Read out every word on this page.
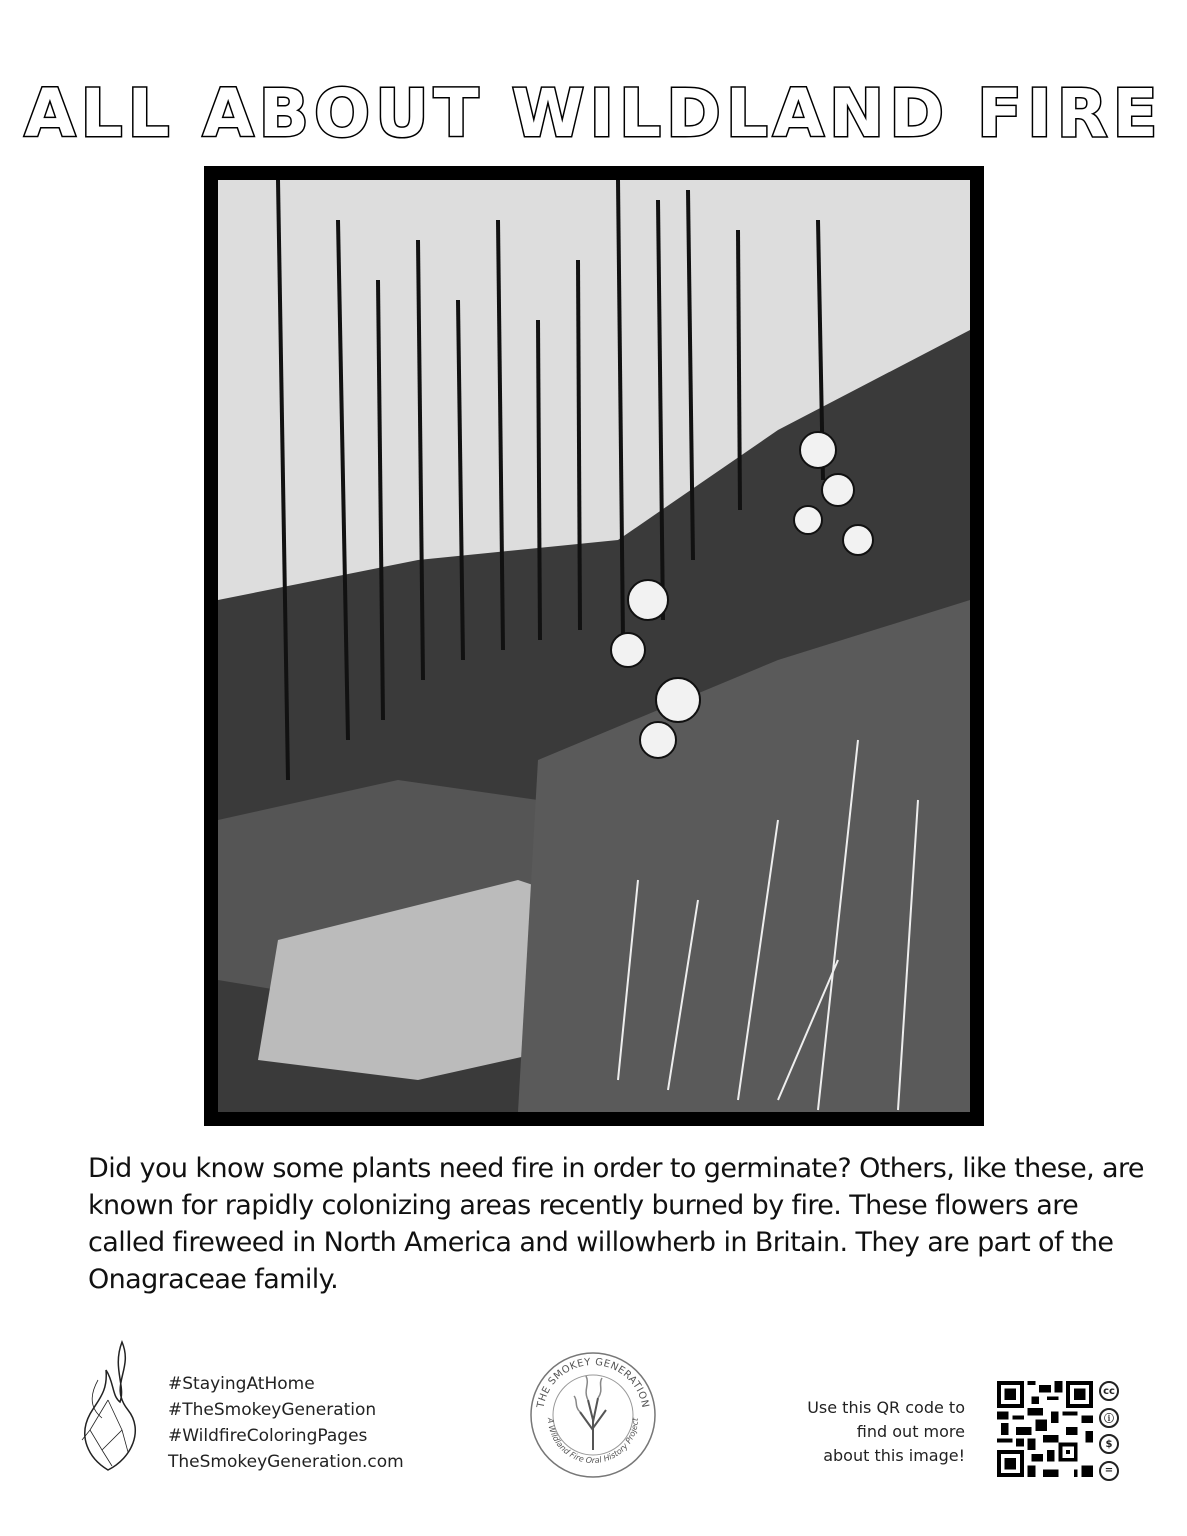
ALL ABOUT WILDLAND FIRE
Did you know some plants need fire in order to germinate? Others, like these, are known for rapidly colonizing areas recently burned by fire. These flowers are called fireweed in North America and willowherb in Britain. They are part of the Onagraceae family.
#StayingAtHome
#TheSmokeyGeneration
#WildfireColoringPages
TheSmokeyGeneration.com
THE SMOKEY GENERATION
A Wildland Fire Oral History Project
Use this QR code to
find out more
about this image!
cc
ⓘ
$
=
